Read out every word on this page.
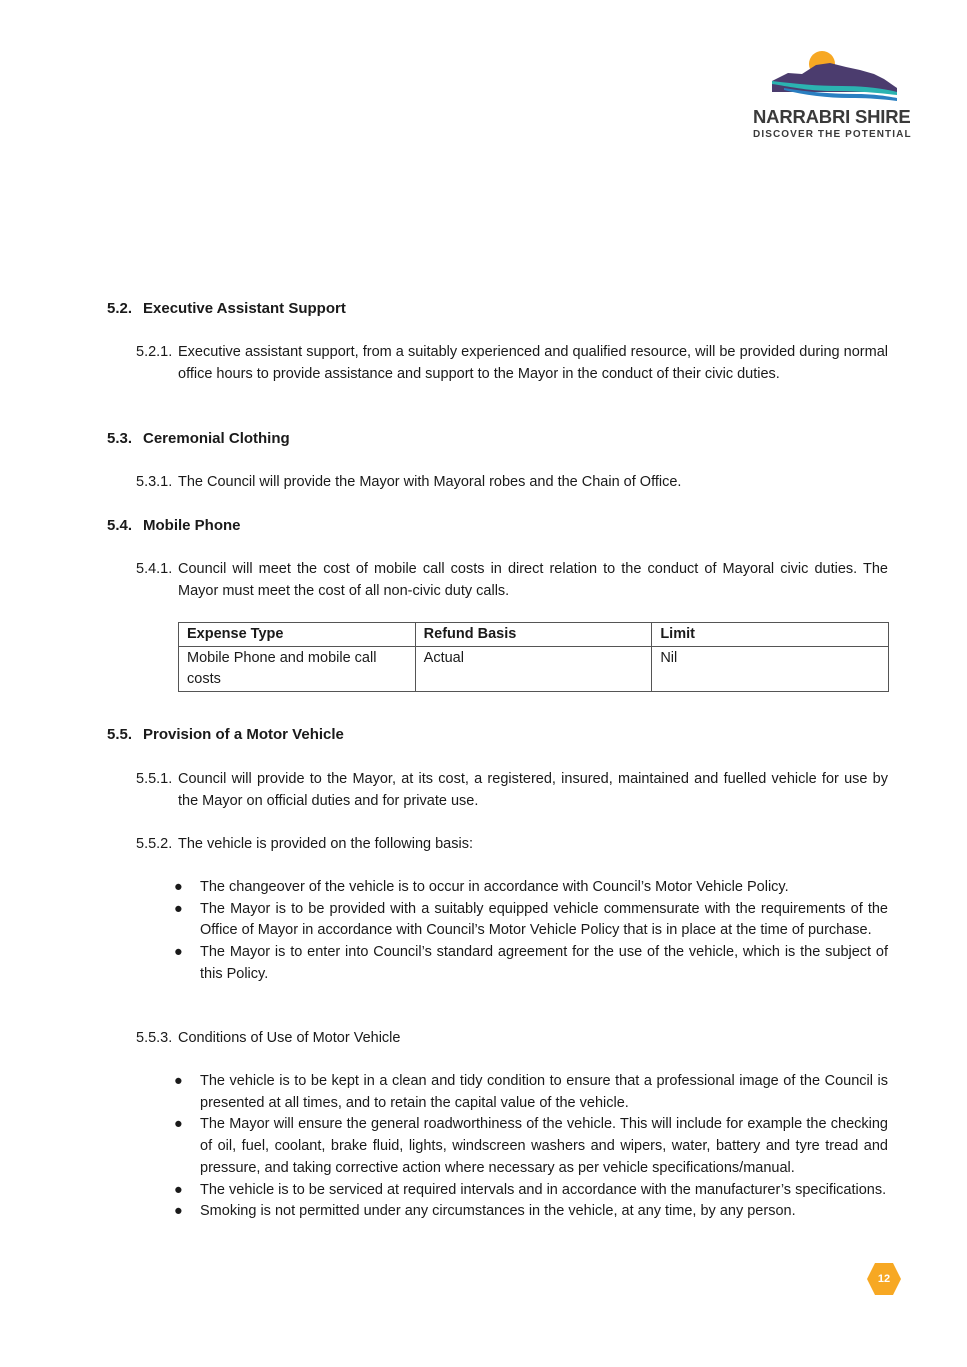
NARRABRI SHIRE
DISCOVER THE POTENTIAL
5.2. Executive Assistant Support
5.2.1. Executive assistant support, from a suitably experienced and qualified resource, will be provided during normal office hours to provide assistance and support to the Mayor in the conduct of their civic duties.
5.3. Ceremonial Clothing
5.3.1. The Council will provide the Mayor with Mayoral robes and the Chain of Office.
5.4. Mobile Phone
5.4.1. Council will meet the cost of mobile call costs in direct relation to the conduct of Mayoral civic duties. The Mayor must meet the cost of all non-civic duty calls.
Expense Type	Refund Basis	Limit
Mobile Phone and mobile call costs	Actual	Nil
5.5. Provision of a Motor Vehicle
5.5.1. Council will provide to the Mayor, at its cost, a registered, insured, maintained and fuelled vehicle for use by the Mayor on official duties and for private use.
5.5.2. The vehicle is provided on the following basis:
● The changeover of the vehicle is to occur in accordance with Council’s Motor Vehicle Policy.
● The Mayor is to be provided with a suitably equipped vehicle commensurate with the requirements of the Office of Mayor in accordance with Council’s Motor Vehicle Policy that is in place at the time of purchase.
● The Mayor is to enter into Council’s standard agreement for the use of the vehicle, which is the subject of this Policy.
5.5.3. Conditions of Use of Motor Vehicle
● The vehicle is to be kept in a clean and tidy condition to ensure that a professional image of the Council is presented at all times, and to retain the capital value of the vehicle.
● The Mayor will ensure the general roadworthiness of the vehicle. This will include for example the checking of oil, fuel, coolant, brake fluid, lights, windscreen washers and wipers, water, battery and tyre tread and pressure, and taking corrective action where necessary as per vehicle specifications/manual.
● The vehicle is to be serviced at required intervals and in accordance with the manufacturer’s specifications.
● Smoking is not permitted under any circumstances in the vehicle, at any time, by any person.
12
